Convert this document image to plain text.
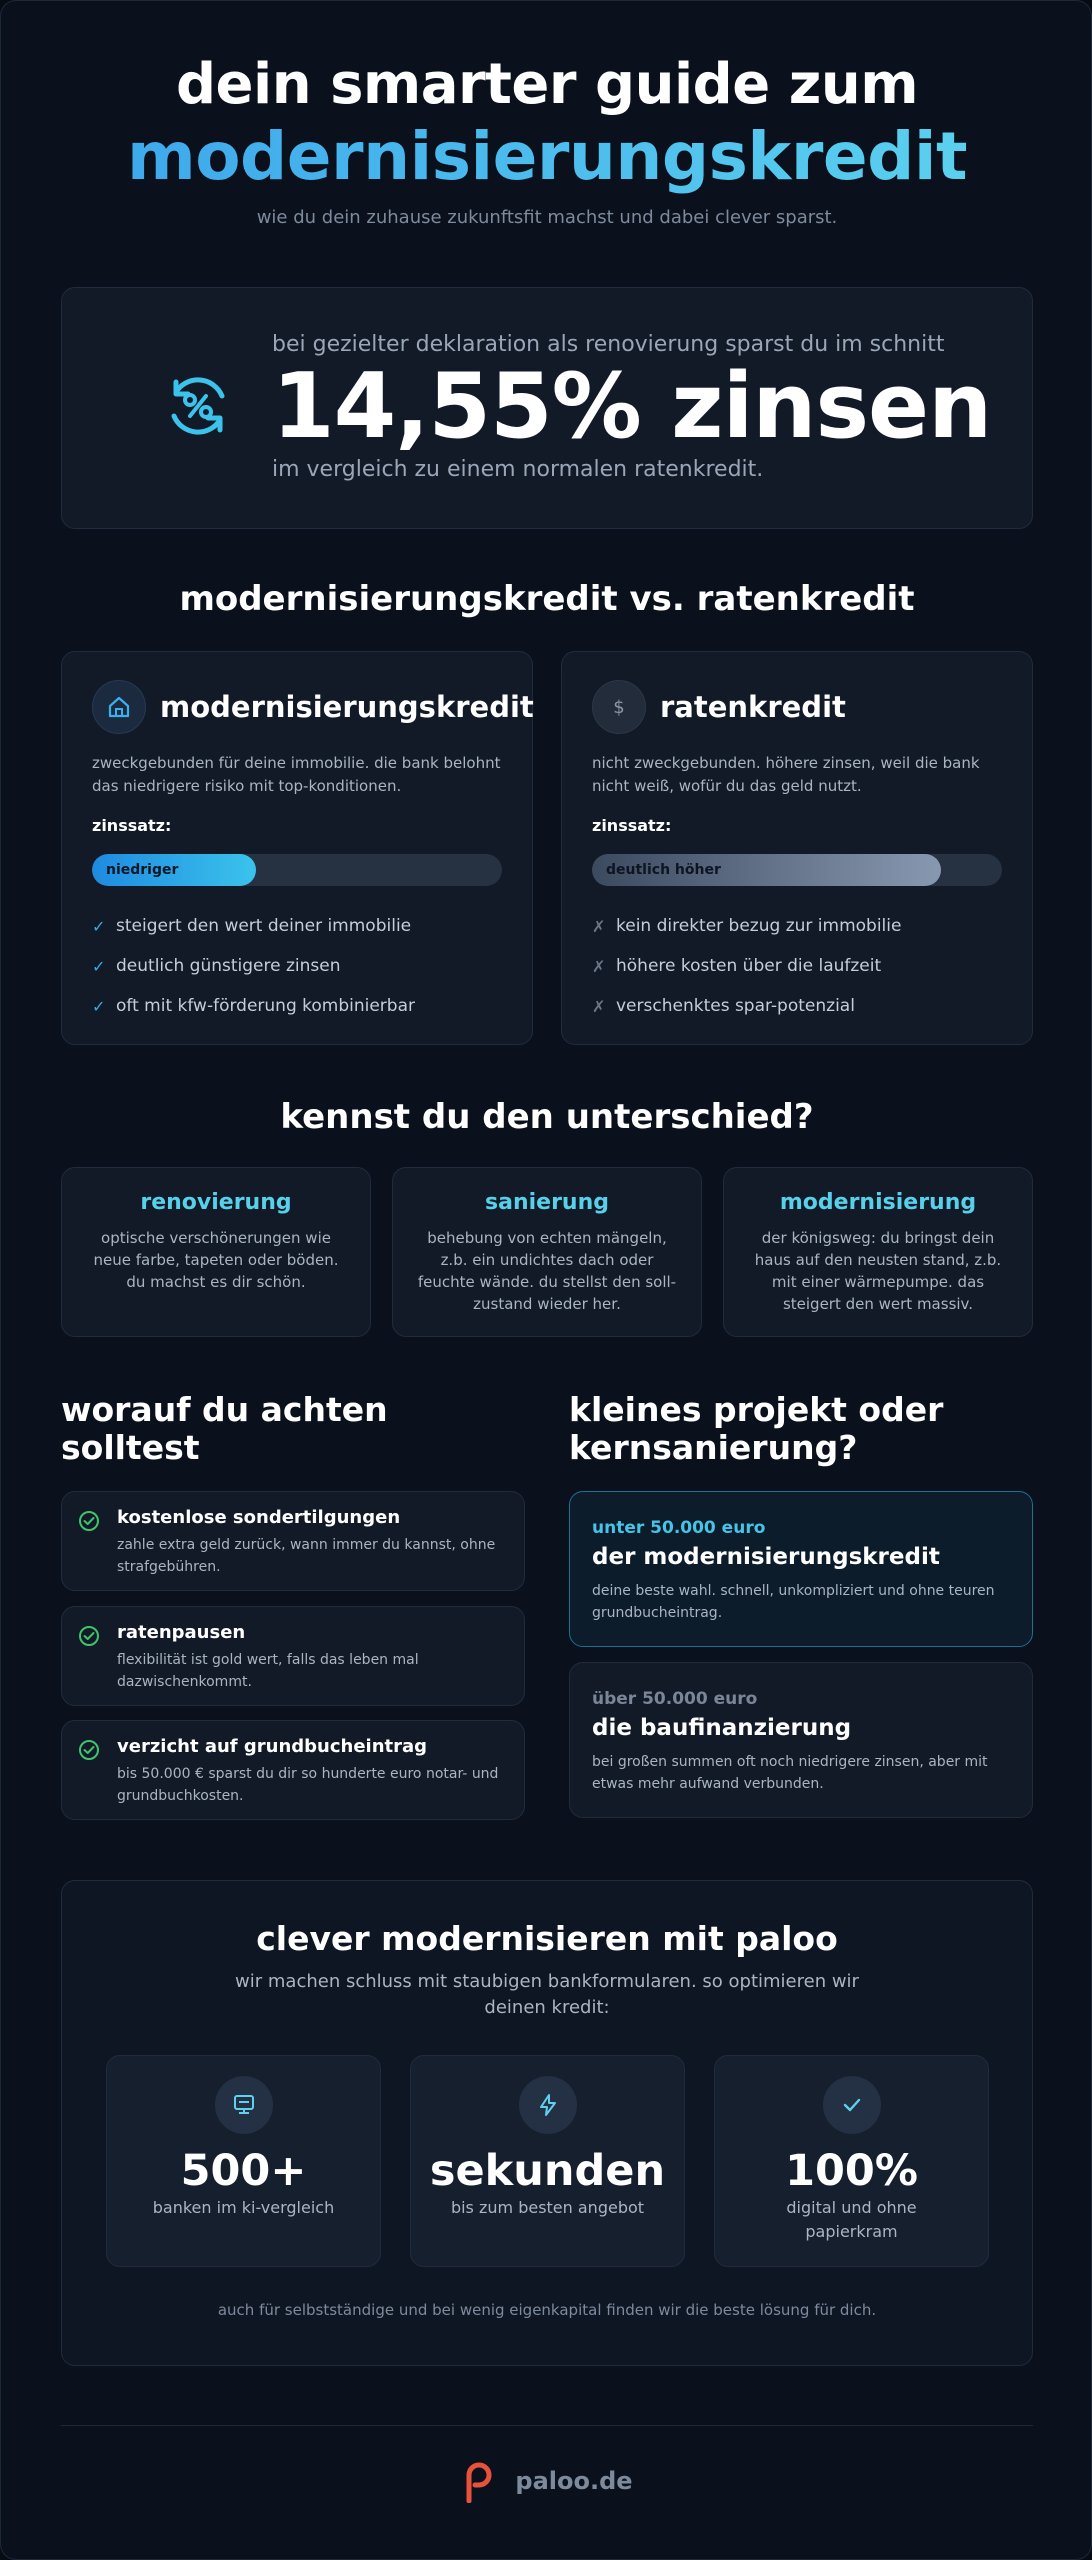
dein smarter guide zum
modernisierungskredit
wie du dein zuhause zukunftsfit machst und dabei clever sparst.
bei gezielter deklaration als renovierung sparst du im schnitt
14,55% zinsen
im vergleich zu einem normalen ratenkredit.
modernisierungskredit vs. ratenkredit
modernisierungskredit
zweckgebunden für deine immobilie. die bank belohnt das niedrigere risiko mit top-konditionen.
zinssatz:
niedriger
✓ steigert den wert deiner immobilie
✓ deutlich günstigere zinsen
✓ oft mit kfw-förderung kombinierbar
$ ratenkredit
nicht zweckgebunden. höhere zinsen, weil die bank nicht weiß, wofür du das geld nutzt.
zinssatz:
deutlich höher
✗ kein direkter bezug zur immobilie
✗ höhere kosten über die laufzeit
✗ verschenktes spar-potenzial
kennst du den unterschied?
renovierung
optische verschönerungen wie neue farbe, tapeten oder böden. du machst es dir schön.
sanierung
behebung von echten mängeln, z.b. ein undichtes dach oder feuchte wände. du stellst den soll-zustand wieder her.
modernisierung
der königsweg: du bringst dein haus auf den neusten stand, z.b. mit einer wärmepumpe. das steigert den wert massiv.
worauf du achten solltest
kostenlose sondertilgungen
zahle extra geld zurück, wann immer du kannst, ohne strafgebühren.
ratenpausen
flexibilität ist gold wert, falls das leben mal dazwischenkommt.
verzicht auf grundbucheintrag
bis 50.000 € sparst du dir so hunderte euro notar- und grundbuchkosten.
kleines projekt oder kernsanierung?
unter 50.000 euro
der modernisierungskredit
deine beste wahl. schnell, unkompliziert und ohne teuren grundbucheintrag.
über 50.000 euro
die baufinanzierung
bei großen summen oft noch niedrigere zinsen, aber mit etwas mehr aufwand verbunden.
clever modernisieren mit paloo
wir machen schluss mit staubigen bankformularen. so optimieren wir deinen kredit:
500+
banken im ki-vergleich
sekunden
bis zum besten angebot
100%
digital und ohne papierkram
auch für selbstständige und bei wenig eigenkapital finden wir die beste lösung für dich.
paloo.de
